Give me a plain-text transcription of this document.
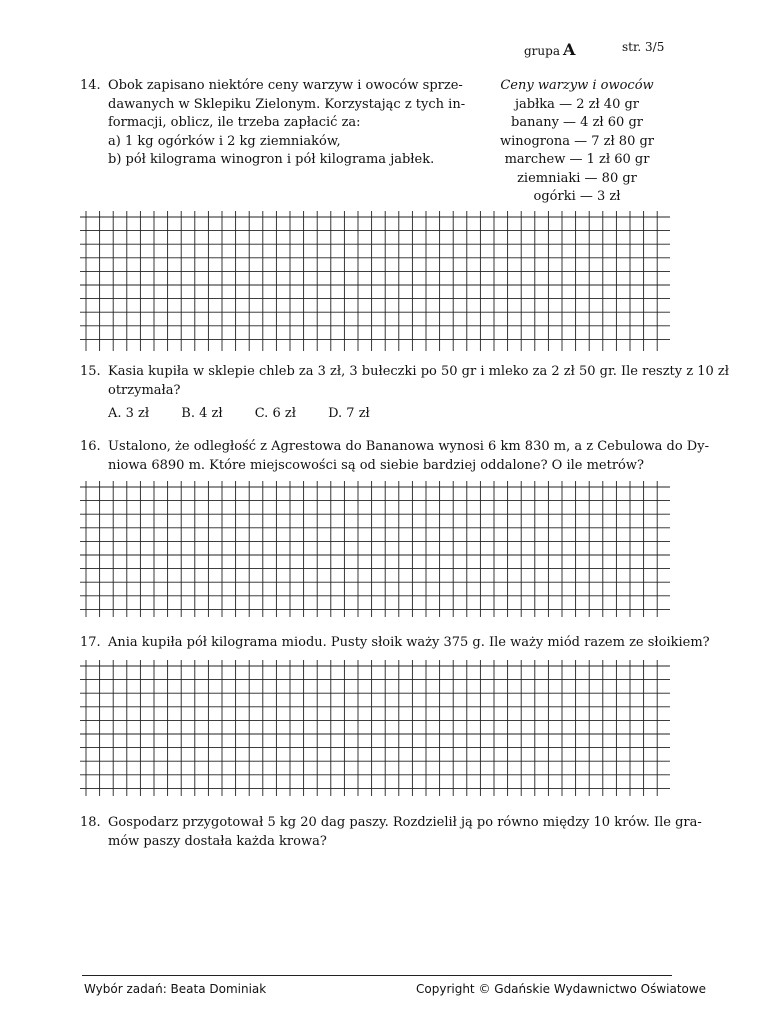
grupa A	str. 3/5
14. Obok zapisano niektóre ceny warzyw i owoców sprze-
dawanych w Sklepiku Zielonym. Korzystając z tych in-
formacji, oblicz, ile trzeba zapłacić za:
a) 1 kg ogórków i 2 kg ziemniaków,
b) pół kilograma winogron i pół kilograma jabłek.
Ceny warzyw i owoców
jabłka — 2 zł 40 gr
banany — 4 zł 60 gr
winogrona — 7 zł 80 gr
marchew — 1 zł 60 gr
ziemniaki — 80 gr
ogórki — 3 zł
15. Kasia kupiła w sklepie chleb za 3 zł, 3 bułeczki po 50 gr i mleko za 2 zł 50 gr. Ile reszty z 10 zł
otrzymała?
A. 3 zł B. 4 zł C. 6 zł D. 7 zł
16. Ustalono, że odległość z Agrestowa do Bananowa wynosi 6 km 830 m, a z Cebulowa do Dy-
niowa 6890 m. Które miejscowości są od siebie bardziej oddalone? O ile metrów?
17. Ania kupiła pół kilograma miodu. Pusty słoik waży 375 g. Ile waży miód razem ze słoikiem?
18. Gospodarz przygotował 5 kg 20 dag paszy. Rozdzielił ją po równo między 10 krów. Ile gra-
mów paszy dostała każda krowa?
Wybór zadań: Beata Dominiak	Copyright © Gdańskie Wydawnictwo Oświatowe
